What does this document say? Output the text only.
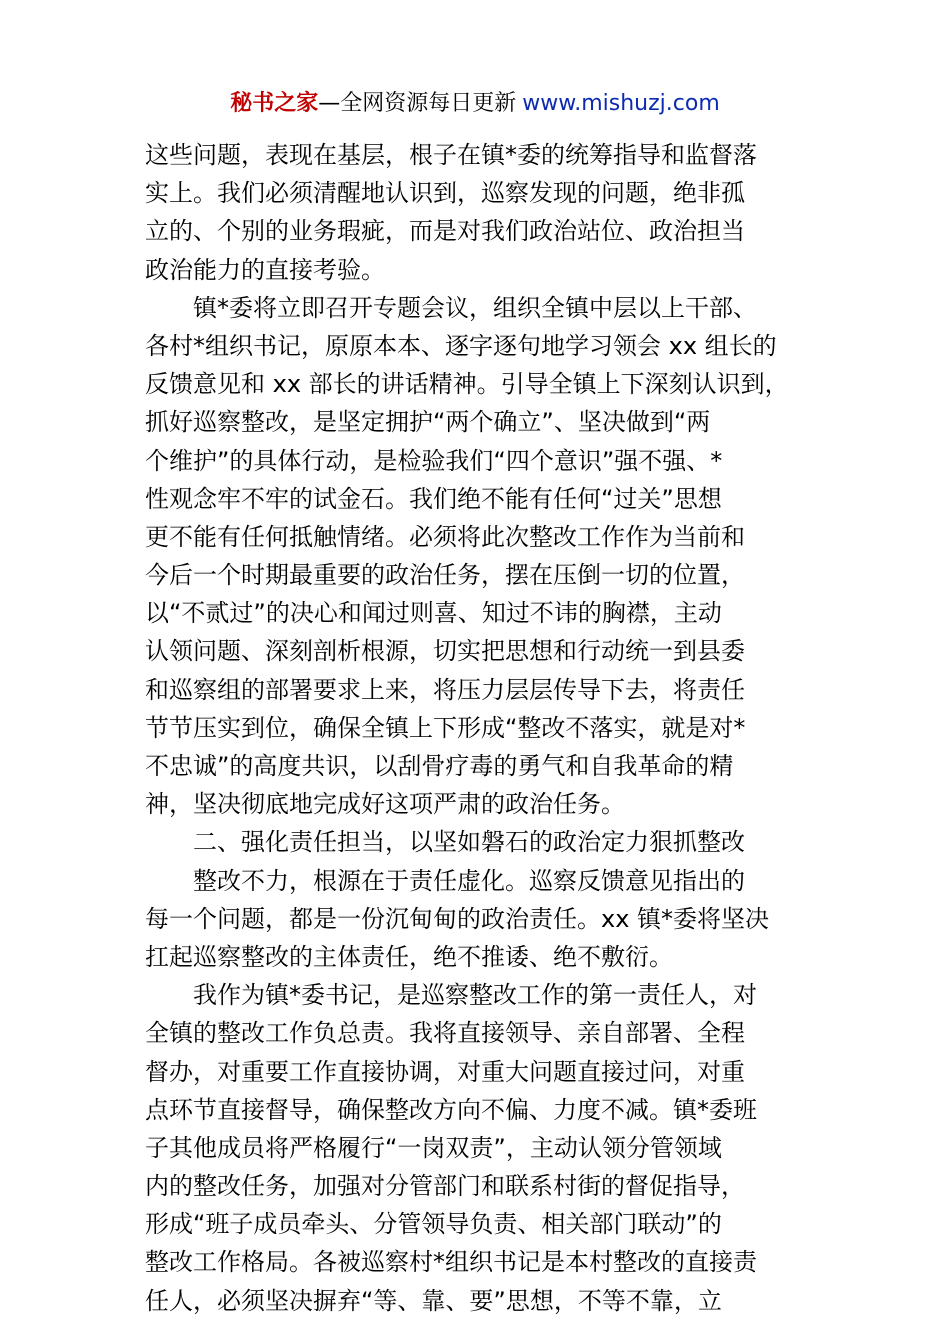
秘书之家—全网资源每日更新 www.mishuzj.com
这些问题，表现在基层，根子在镇*委的统筹指导和监督落
实上。我们必须清醒地认识到，巡察发现的问题，绝非孤
立的、个别的业务瑕疵，而是对我们政治站位、政治担当
政治能力的直接考验。
镇*委将立即召开专题会议，组织全镇中层以上干部、
各村*组织书记，原原本本、逐字逐句地学习领会 xx 组长的
反馈意见和 xx 部长的讲话精神。引导全镇上下深刻认识到，
抓好巡察整改，是坚定拥护“两个确立”、坚决做到“两
个维护”的具体行动，是检验我们“四个意识”强不强、*
性观念牢不牢的试金石。我们绝不能有任何“过关”思想
更不能有任何抵触情绪。必须将此次整改工作作为当前和
今后一个时期最重要的政治任务，摆在压倒一切的位置，
以“不贰过”的决心和闻过则喜、知过不讳的胸襟，主动
认领问题、深刻剖析根源，切实把思想和行动统一到县委
和巡察组的部署要求上来，将压力层层传导下去，将责任
节节压实到位，确保全镇上下形成“整改不落实，就是对*
不忠诚”的高度共识，以刮骨疗毒的勇气和自我革命的精
神，坚决彻底地完成好这项严肃的政治任务。
二、强化责任担当，以坚如磐石的政治定力狠抓整改
整改不力，根源在于责任虚化。巡察反馈意见指出的
每一个问题，都是一份沉甸甸的政治责任。xx 镇*委将坚决
扛起巡察整改的主体责任，绝不推诿、绝不敷衍。
我作为镇*委书记，是巡察整改工作的第一责任人，对
全镇的整改工作负总责。我将直接领导、亲自部署、全程
督办，对重要工作直接协调，对重大问题直接过问，对重
点环节直接督导，确保整改方向不偏、力度不减。镇*委班
子其他成员将严格履行“一岗双责”，主动认领分管领域
内的整改任务，加强对分管部门和联系村街的督促指导，
形成“班子成员牵头、分管领导负责、相关部门联动”的
整改工作格局。各被巡察村*组织书记是本村整改的直接责
任人，必须坚决摒弃“等、靠、要”思想，不等不靠，立
